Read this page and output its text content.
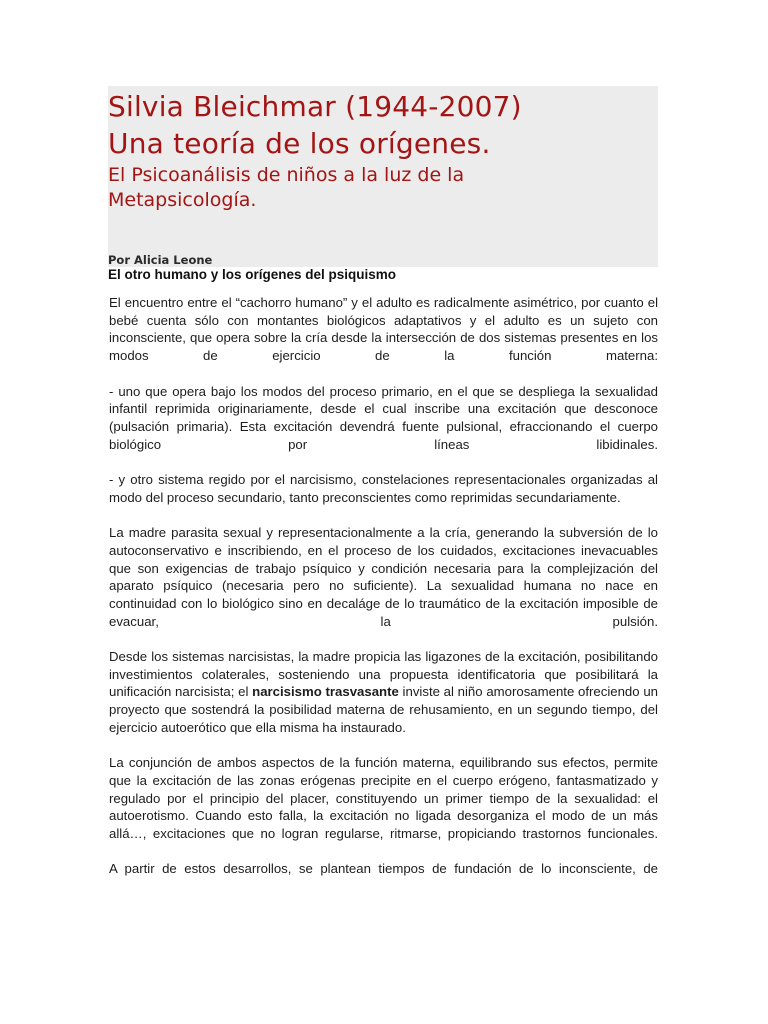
Silvia Bleichmar (1944-2007)
Una teoría de los orígenes.
El Psicoanálisis de niños a la luz de la
Metapsicología.
Por Alicia Leone
El otro humano y los orígenes del psiquismo

El encuentro entre el “cachorro humano” y el adulto es radicalmente asimétrico, por cuanto el bebé cuenta sólo con montantes biológicos adaptativos y el adulto es un sujeto con inconsciente, que opera sobre la cría desde la intersección de dos sistemas presentes en los modos de ejercicio de la función materna:

- uno que opera bajo los modos del proceso primario, en el que se despliega la sexualidad infantil reprimida originariamente, desde el cual inscribe una excitación que desconoce (pulsación primaria). Esta excitación devendrá fuente pulsional, efraccionando el cuerpo biológico por líneas libidinales.

- y otro sistema regido por el narcisismo, constelaciones representacionales organizadas al modo del proceso secundario, tanto preconscientes como reprimidas secundariamente.

La madre parasita sexual y representacionalmente a la cría, generando la subversión de lo autoconservativo e inscribiendo, en el proceso de los cuidados, excitaciones inevacuables que son exigencias de trabajo psíquico y condición necesaria para la complejización del aparato psíquico (necesaria pero no suficiente). La sexualidad humana no nace en continuidad con lo biológico sino en decaláge de lo traumático de la excitación imposible de evacuar, la pulsión.

Desde los sistemas narcisistas, la madre propicia las ligazones de la excitación, posibilitando investimientos colaterales, sosteniendo una propuesta identificatoria que posibilitará la unificación narcisista; el narcisismo trasvasante inviste al niño amorosamente ofreciendo un proyecto que sostendrá la posibilidad materna de rehusamiento, en un segundo tiempo, del ejercicio autoerótico que ella misma ha instaurado.

La conjunción de ambos aspectos de la función materna, equilibrando sus efectos, permite que la excitación de las zonas erógenas precipite en el cuerpo erógeno, fantasmatizado y regulado por el principio del placer, constituyendo un primer tiempo de la sexualidad: el autoerotismo. Cuando esto falla, la excitación no ligada desorganiza el modo de un más allá…, excitaciones que no logran regularse, ritmarse, propiciando trastornos funcionales.

A partir de estos desarrollos, se plantean tiempos de fundación de lo inconsciente, de
